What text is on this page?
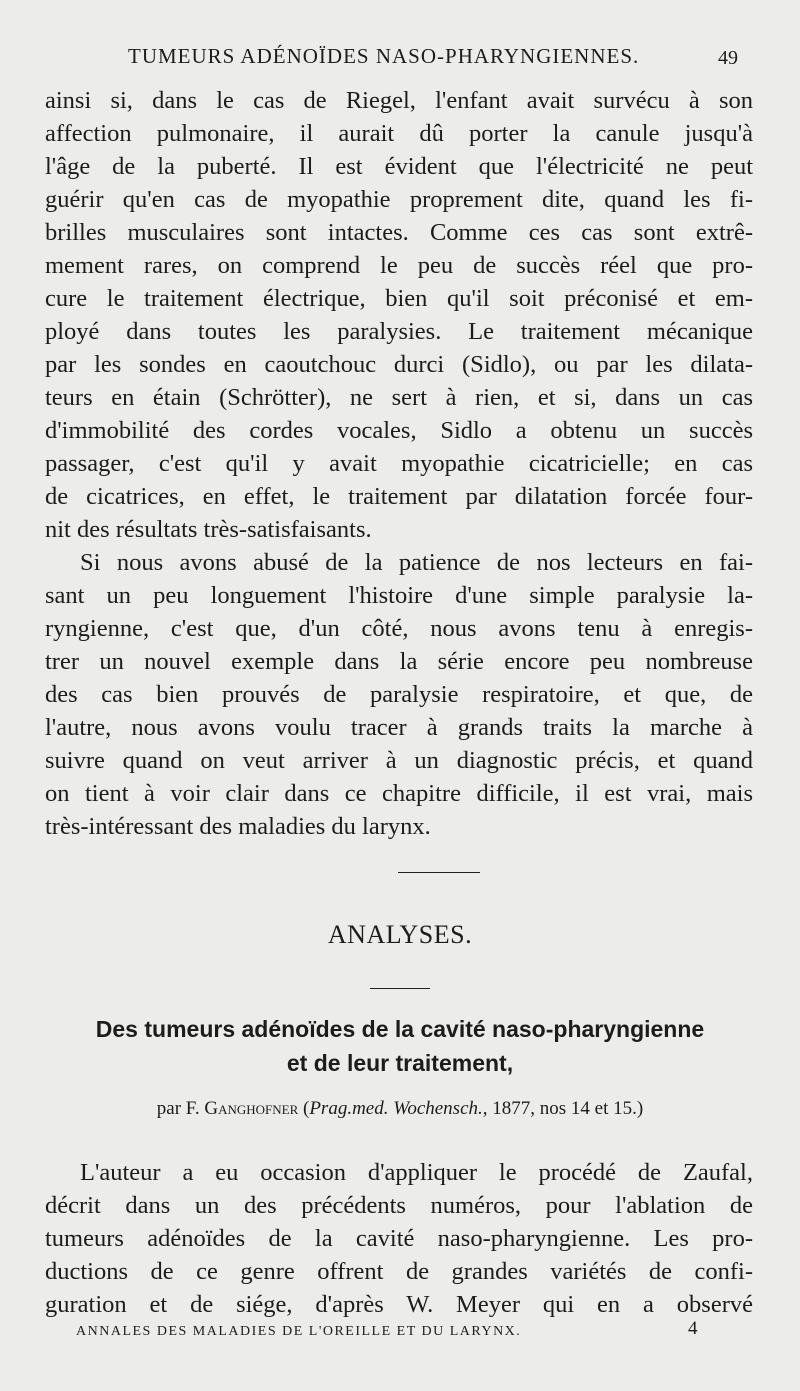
TUMEURS ADÉNOÏDES NASO-PHARYNGIENNES.	49
ainsi si, dans le cas de Riegel, l'enfant avait survécu à son
affection pulmonaire, il aurait dû porter la canule jusqu'à
l'âge de la puberté. Il est évident que l'électricité ne peut
guérir qu'en cas de myopathie proprement dite, quand les fi-
brilles musculaires sont intactes. Comme ces cas sont extrê-
mement rares, on comprend le peu de succès réel que pro-
cure le traitement électrique, bien qu'il soit préconisé et em-
ployé dans toutes les paralysies. Le traitement mécanique
par les sondes en caoutchouc durci (Sidlo), ou par les dilata-
teurs en étain (Schrötter), ne sert à rien, et si, dans un cas
d'immobilité des cordes vocales, Sidlo a obtenu un succès
passager, c'est qu'il y avait myopathie cicatricielle; en cas
de cicatrices, en effet, le traitement par dilatation forcée four-
nit des résultats très-satisfaisants.
Si nous avons abusé de la patience de nos lecteurs en fai-
sant un peu longuement l'histoire d'une simple paralysie la-
ryngienne, c'est que, d'un côté, nous avons tenu à enregis-
trer un nouvel exemple dans la série encore peu nombreuse
des cas bien prouvés de paralysie respiratoire, et que, de
l'autre, nous avons voulu tracer à grands traits la marche à
suivre quand on veut arriver à un diagnostic précis, et quand
on tient à voir clair dans ce chapitre difficile, il est vrai, mais
très-intéressant des maladies du larynx.
ANALYSES.
Des tumeurs adénoïdes de la cavité naso-pharyngienne
et de leur traitement,
par F. Ganghofner (Prag.med. Wochensch., 1877, nos 14 et 15.)
L'auteur a eu occasion d'appliquer le procédé de Zaufal,
décrit dans un des précédents numéros, pour l'ablation de
tumeurs adénoïdes de la cavité naso-pharyngienne. Les pro-
ductions de ce genre offrent de grandes variétés de confi-
guration et de siége, d'après W. Meyer qui en a observé
ANNALES DES MALADIES DE L'OREILLE ET DU LARYNX.	4
